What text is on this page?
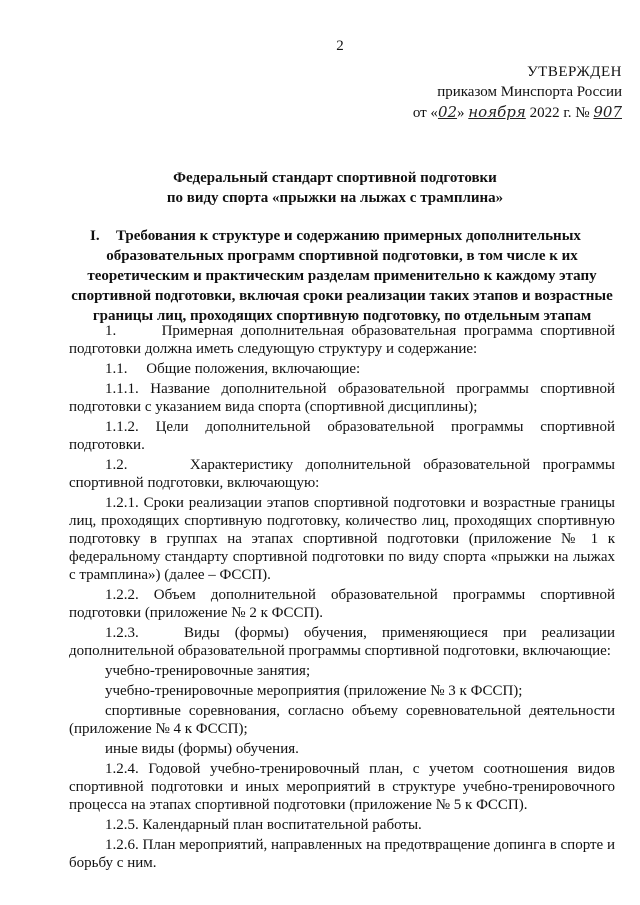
2
УТВЕРЖДЕН
приказом Минспорта России
от «02» ноября 2022 г. № 907
Федеральный стандарт спортивной подготовки
по виду спорта «прыжки на лыжах с трамплина»
I.	Требования к структуре и содержанию примерных дополнительных
образовательных программ спортивной подготовки, в том числе к их
теоретическим и практическим разделам применительно к каждому этапу
спортивной подготовки, включая сроки реализации таких этапов и возрастные
границы лиц, проходящих спортивную подготовку, по отдельным этапам

1.      Примерная дополнительная образовательная программа спортивной подготовки должна иметь следующую структуру и содержание:

1.1.     Общие положения, включающие:

1.1.1. Название дополнительной образовательной программы спортивной подготовки с указанием вида спорта (спортивной дисциплины);

1.1.2. Цели дополнительной образовательной программы спортивной подготовки.

1.2.     Характеристику дополнительной образовательной программы спортивной подготовки, включающую:

1.2.1. Сроки реализации этапов спортивной подготовки и возрастные границы лиц, проходящих спортивную подготовку, количество лиц, проходящих спортивную подготовку в группах на этапах спортивной подготовки (приложение № 1 к федеральному стандарту спортивной подготовки по виду спорта «прыжки на лыжах с трамплина») (далее – ФССП).

1.2.2. Объем дополнительной образовательной программы спортивной подготовки (приложение № 2 к ФССП).

1.2.3.   Виды (формы) обучения, применяющиеся при реализации дополнительной образовательной программы спортивной подготовки, включающие:

учебно-тренировочные занятия;

учебно-тренировочные мероприятия (приложение № 3 к ФССП);

спортивные соревнования, согласно объему соревновательной деятельности (приложение № 4 к ФССП);

иные виды (формы) обучения.

1.2.4. Годовой учебно-тренировочный план, с учетом соотношения видов спортивной подготовки и иных мероприятий в структуре учебно-тренировочного процесса на этапах спортивной подготовки (приложение № 5 к ФССП).

1.2.5. Календарный план воспитательной работы.

1.2.6. План мероприятий, направленных на предотвращение допинга в спорте и борьбу с ним.
